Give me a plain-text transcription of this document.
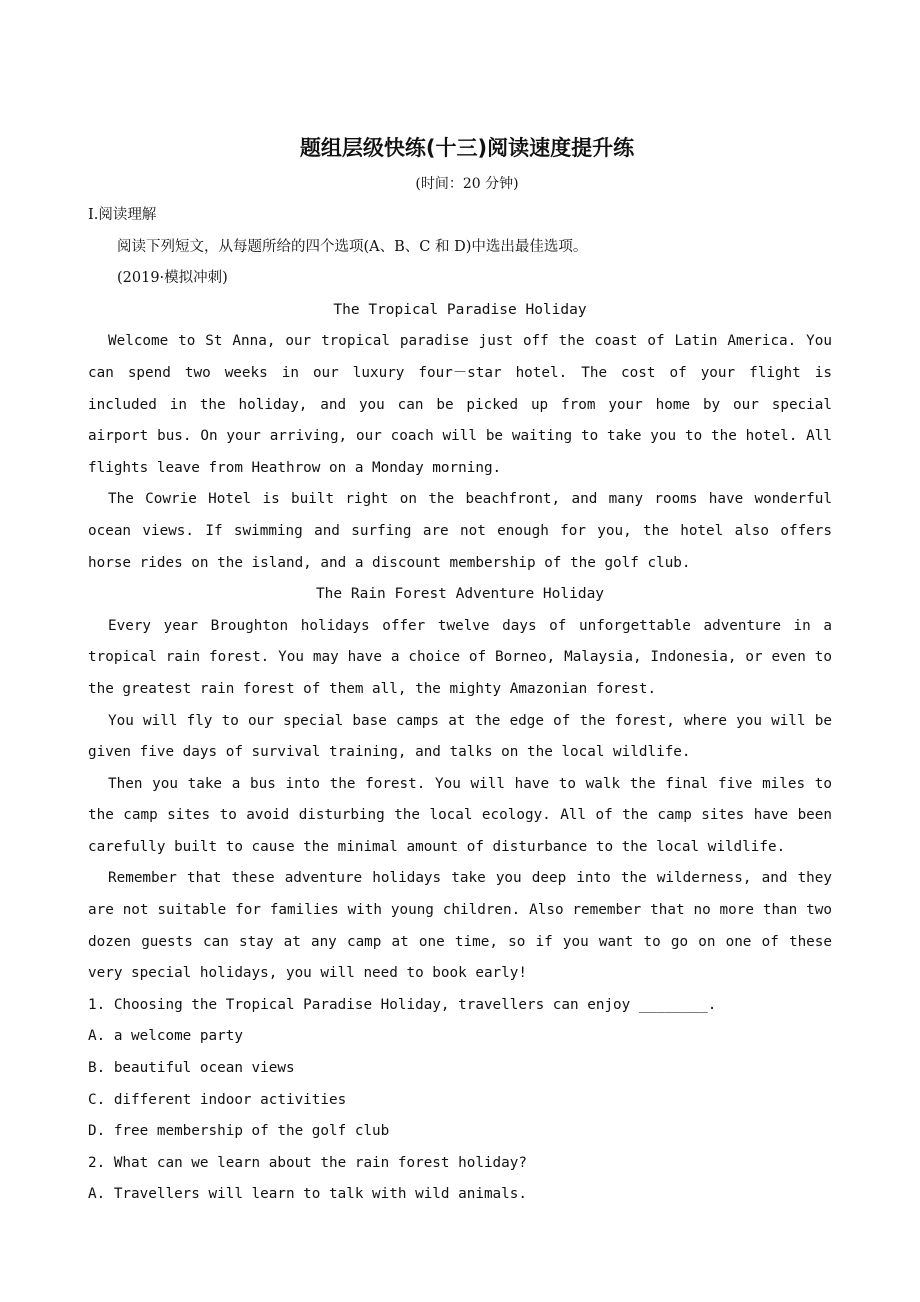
题组层级快练(十三)阅读速度提升练

(时间：20 分钟)

Ⅰ.阅读理解

阅读下列短文，从每题所给的四个选项(A、B、C 和 D)中选出最佳选项。

(2019·模拟冲刺)

The Tropical Paradise Holiday

Welcome to St Anna, our tropical paradise just off the coast of Latin America. You can spend two weeks in our luxury four－star hotel. The cost of your flight is included in the holiday, and you can be picked up from your home by our special airport bus. On your arriving, our coach will be waiting to take you to the hotel. All flights leave from Heathrow on a Monday morning.

The Cowrie Hotel is built right on the beachfront, and many rooms have wonderful ocean views. If swimming and surfing are not enough for you, the hotel also offers horse rides on the island, and a discount membership of the golf club.

The Rain Forest Adventure Holiday

Every year Broughton holidays offer twelve days of unforgettable adventure in a tropical rain forest. You may have a choice of Borneo, Malaysia, Indonesia, or even to the greatest rain forest of them all, the mighty Amazonian forest.

You will fly to our special base camps at the edge of the forest, where you will be given five days of survival training, and talks on the local wildlife.

Then you take a bus into the forest. You will have to walk the final five miles to the camp sites to avoid disturbing the local ecology. All of the camp sites have been carefully built to cause the minimal amount of disturbance to the local wildlife.

Remember that these adventure holidays take you deep into the wilderness, and they are not suitable for families with young children. Also remember that no more than two dozen guests can stay at any camp at one time, so if you want to go on one of these very special holidays, you will need to book early!

1. Choosing the Tropical Paradise Holiday, travellers can enjoy ________.

A. a welcome party

B. beautiful ocean views

C. different indoor activities

D. free membership of the golf club

2. What can we learn about the rain forest holiday?

A. Travellers will learn to talk with wild animals.
